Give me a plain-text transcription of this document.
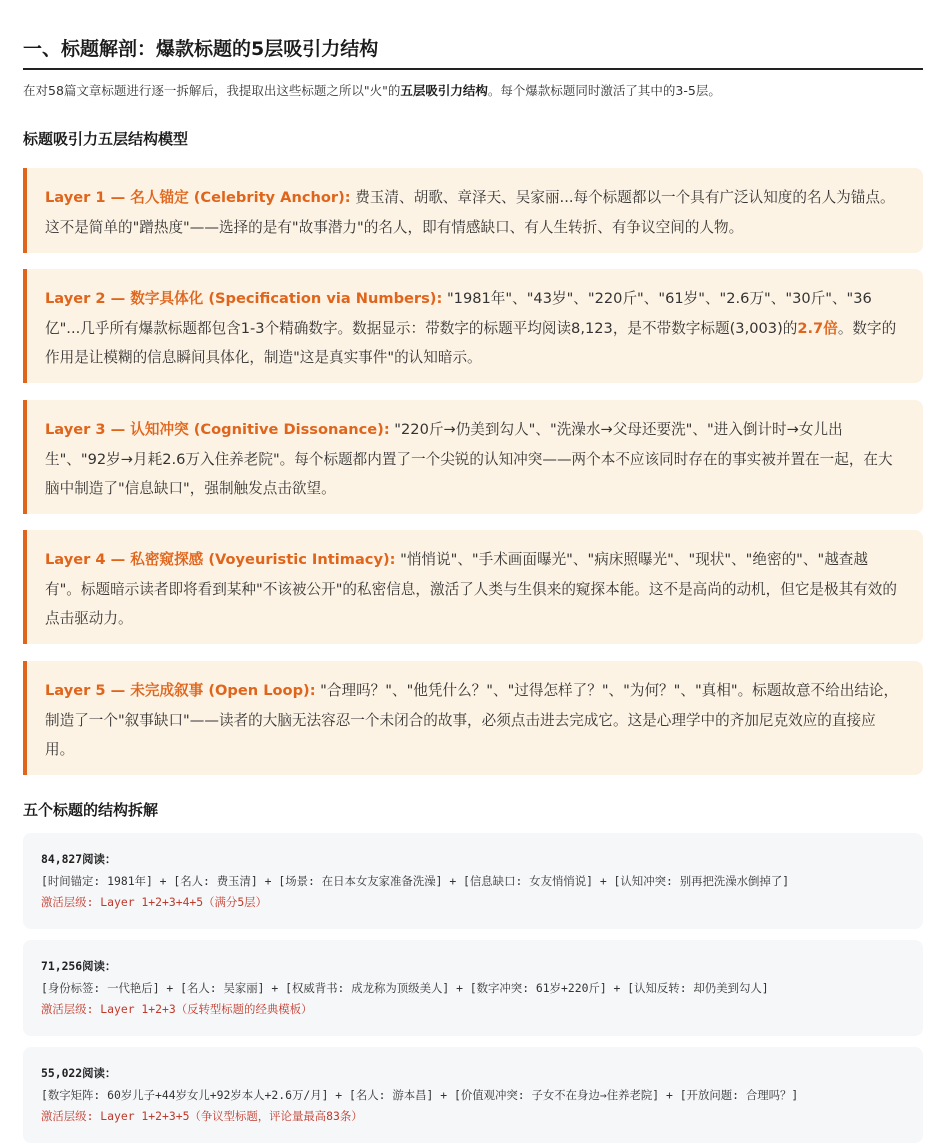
一、标题解剖：爆款标题的5层吸引力结构
在对58篇文章标题进行逐一拆解后，我提取出这些标题之所以"火"的五层吸引力结构。每个爆款标题同时激活了其中的3-5层。
标题吸引力五层结构模型
Layer 1 — 名人锚定 (Celebrity Anchor): 费玉清、胡歌、章泽天、吴家丽...每个标题都以一个具有广泛认知度的名人为锚点。这不是简单的"蹭热度"——选择的是有"故事潜力"的名人，即有情感缺口、有人生转折、有争议空间的人物。
Layer 2 — 数字具体化 (Specification via Numbers): "1981年"、"43岁"、"220斤"、"61岁"、"2.6万"、"30斤"、"36亿"...几乎所有爆款标题都包含1-3个精确数字。数据显示：带数字的标题平均阅读8,123，是不带数字标题(3,003)的2.7倍。数字的作用是让模糊的信息瞬间具体化，制造"这是真实事件"的认知暗示。
Layer 3 — 认知冲突 (Cognitive Dissonance): "220斤→仍美到勾人"、"洗澡水→父母还要洗"、"进入倒计时→女儿出生"、"92岁→月耗2.6万入住养老院"。每个标题都内置了一个尖锐的认知冲突——两个本不应该同时存在的事实被并置在一起，在大脑中制造了"信息缺口"，强制触发点击欲望。
Layer 4 — 私密窥探感 (Voyeuristic Intimacy): "悄悄说"、"手术画面曝光"、"病床照曝光"、"现状"、"绝密的"、"越查越有"。标题暗示读者即将看到某种"不该被公开"的私密信息，激活了人类与生俱来的窥探本能。这不是高尚的动机，但它是极其有效的点击驱动力。
Layer 5 — 未完成叙事 (Open Loop): "合理吗？"、"他凭什么？"、"过得怎样了？"、"为何？"、"真相"。标题故意不给出结论，制造了一个"叙事缺口"——读者的大脑无法容忍一个未闭合的故事，必须点击进去完成它。这是心理学中的齐加尼克效应的直接应用。
五个标题的结构拆解
84,827阅读：
[时间锚定: 1981年] + [名人: 费玉清] + [场景: 在日本女友家准备洗澡] + [信息缺口: 女友悄悄说] + [认知冲突: 别再把洗澡水倒掉了]
激活层级: Layer 1+2+3+4+5（满分5层）
71,256阅读：
[身份标签: 一代艳后] + [名人: 吴家丽] + [权威背书: 成龙称为顶级美人] + [数字冲突: 61岁+220斤] + [认知反转: 却仍美到勾人]
激活层级: Layer 1+2+3（反转型标题的经典模板）
55,022阅读：
[数字矩阵: 60岁儿子+44岁女儿+92岁本人+2.6万/月] + [名人: 游本昌] + [价值观冲突: 子女不在身边→住养老院] + [开放问题: 合理吗？]
激活层级: Layer 1+2+3+5（争议型标题，评论量最高83条）
